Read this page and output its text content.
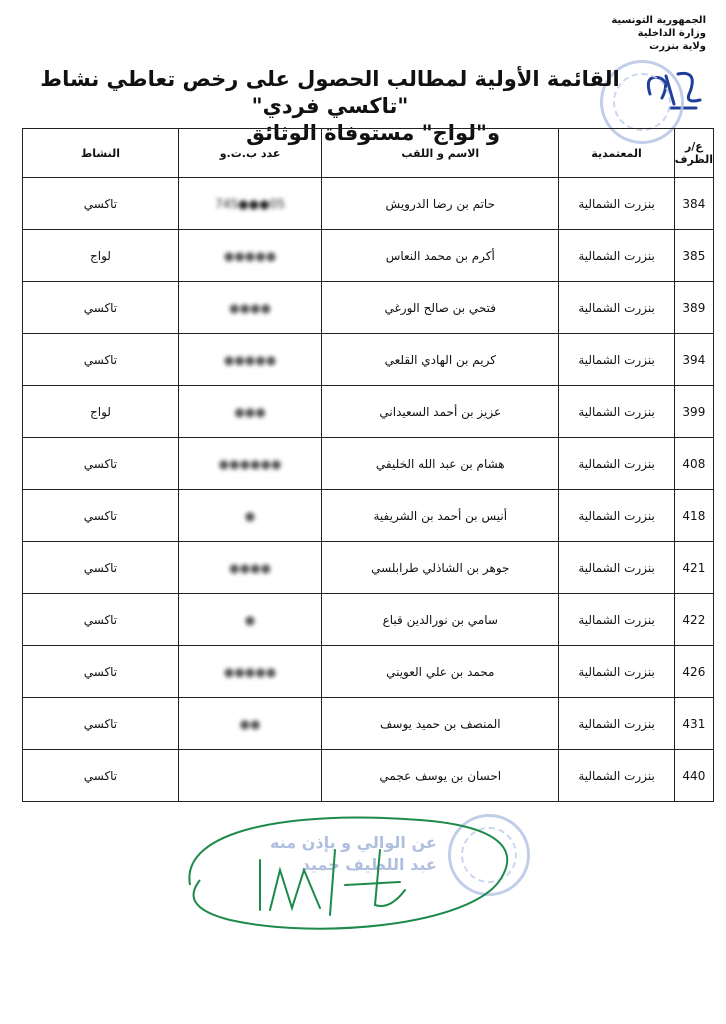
الجمهورية التونسية
وزارة الداخلية
ولاية بنزرت
القائمة الأولية لمطالب الحصول على رخص تعاطي نشاط "تاكسي فردي"
و"لواج" مستوفاة الوثائق
ع/ر الظرف	المعتمدية	الاسم و اللقب	عدد ب.ت.و	النشاط
384	بنزرت الشمالية	حاتم بن رضا الدرويش	05●●●745	تاكسي
385	بنزرت الشمالية	أكرم بن محمد النعاس	●●●●●	لواج
389	بنزرت الشمالية	فتحي بن صالح الورغي	●●●●	تاكسي
394	بنزرت الشمالية	كريم بن الهادي القلعي	●●●●●	تاكسي
399	بنزرت الشمالية	عزيز بن أحمد السعيداني	●●●	لواج
408	بنزرت الشمالية	هشام بن عبد الله الخليفي	●●●●●●	تاكسي
418	بنزرت الشمالية	أنيس بن أحمد بن الشريفية	●	تاكسي
421	بنزرت الشمالية	جوهر بن الشاذلي طرابلسي	●●●●	تاكسي
422	بنزرت الشمالية	سامي بن نورالدين قباع	●	تاكسي
426	بنزرت الشمالية	محمد بن علي العويني	●●●●●	تاكسي
431	بنزرت الشمالية	المنصف بن حميد يوسف	●●	تاكسي
440	بنزرت الشمالية	احسان بن يوسف عجمي		تاكسي
عن الوالي و بإذن منه
عبد اللطيف حميد
